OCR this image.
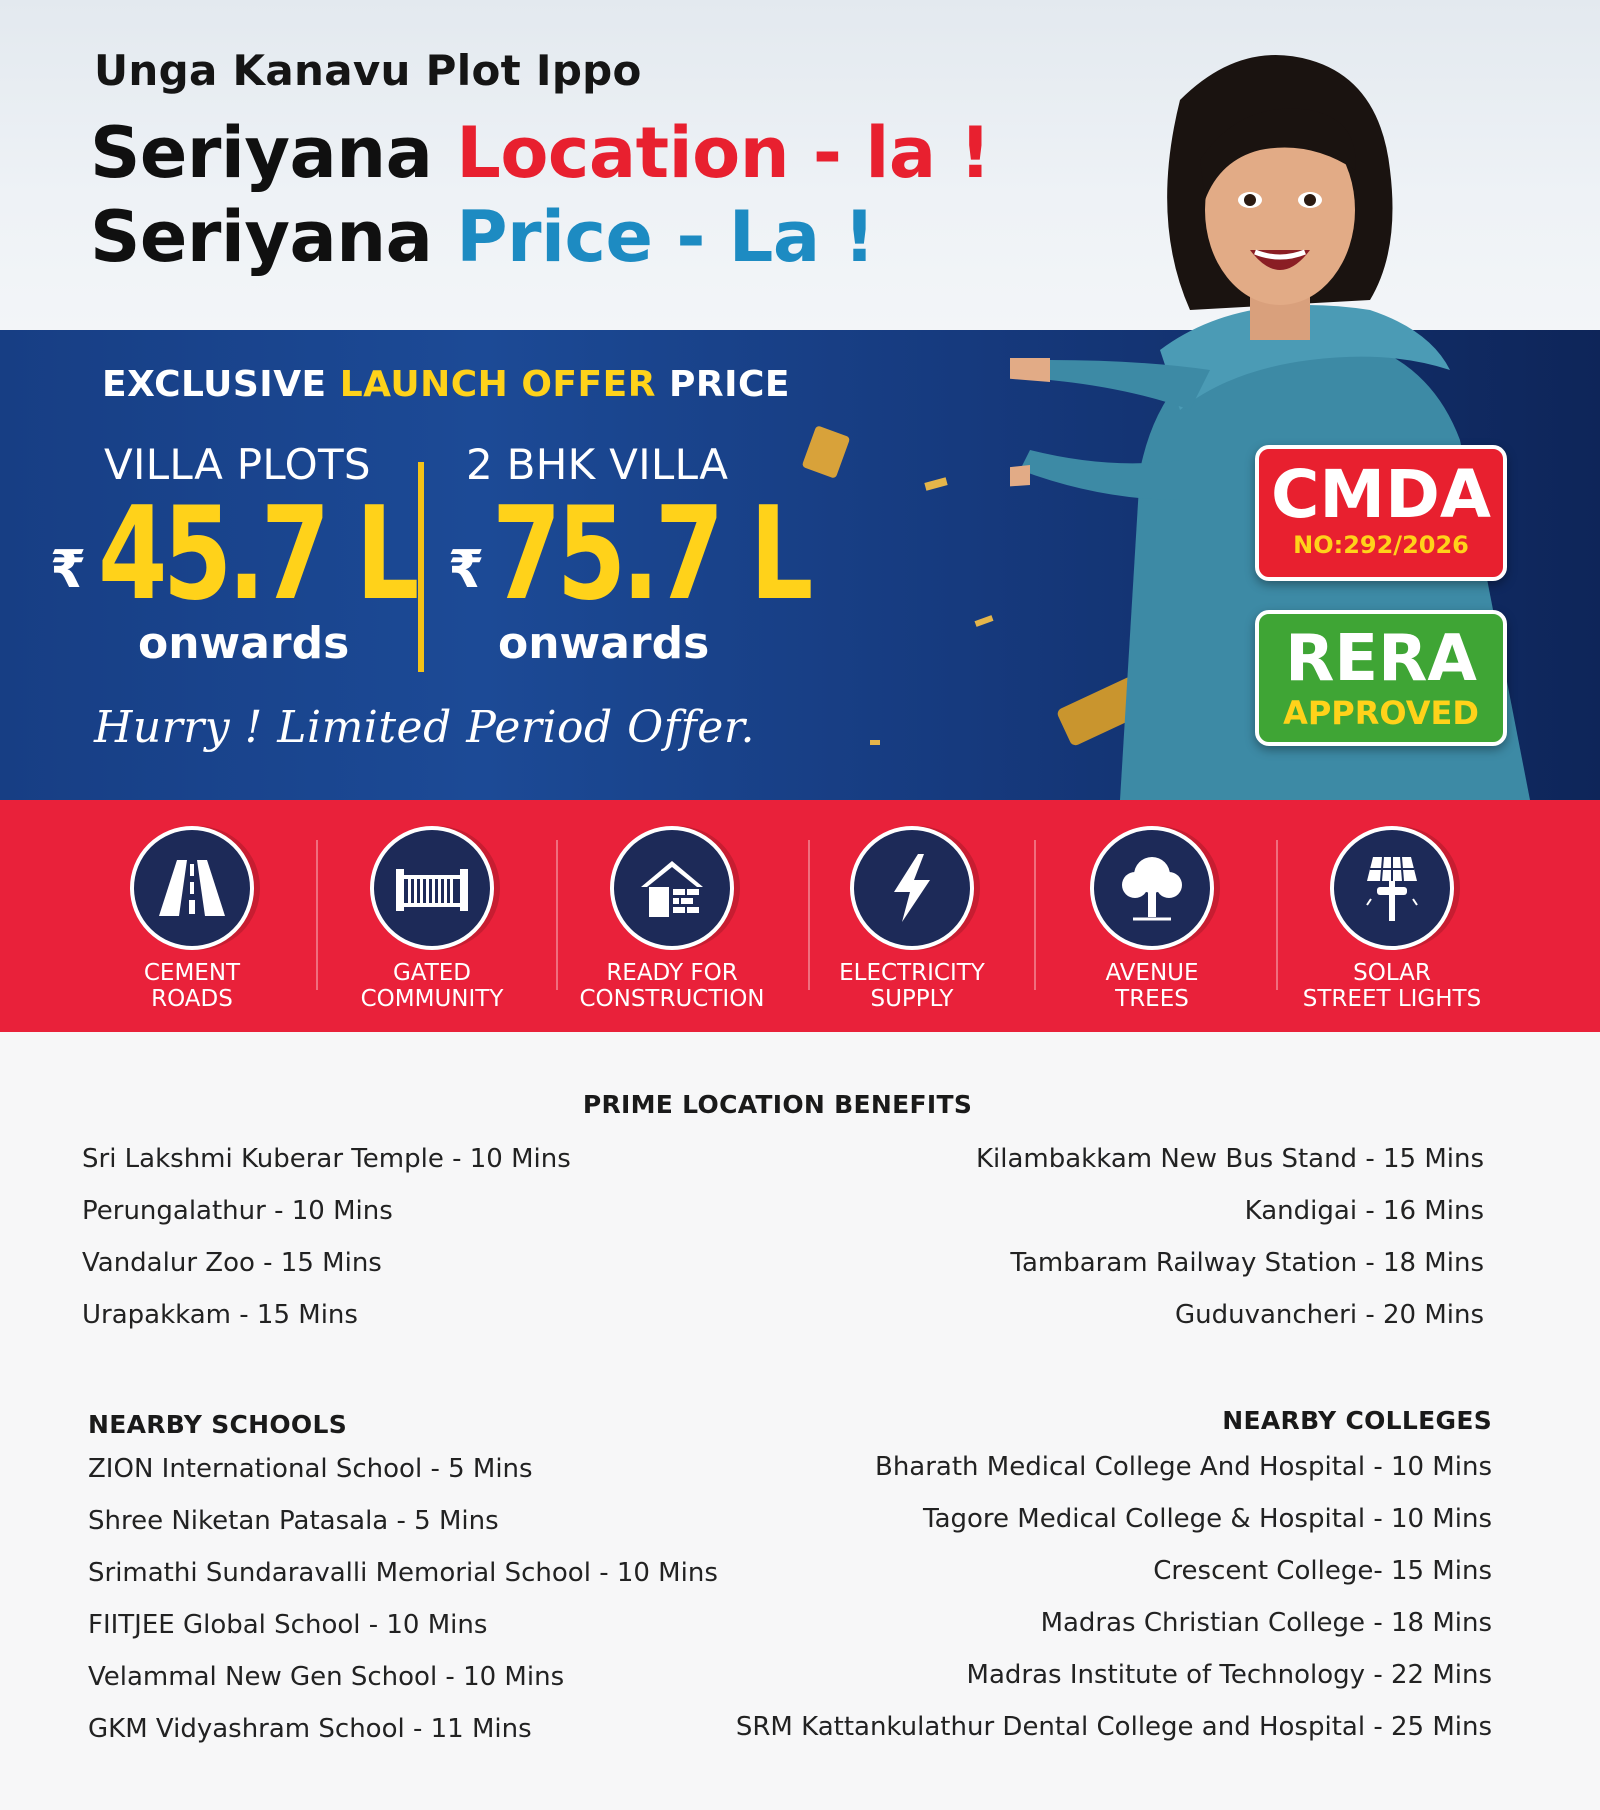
Unga Kanavu Plot Ippo
Seriyana Location - la !
Seriyana Price - La !
EXCLUSIVE LAUNCH OFFER PRICE
VILLA PLOTS 2 BHK VILLA
₹ 45.7 L ₹ 75.7 L
onwards	onwards
Hurry ! Limited Period Offer.
CMDA
NO:292/2026
RERA
APPROVED
CEMENT
ROADS
GATED
COMMUNITY
READY FOR
CONSTRUCTION
ELECTRICITY
SUPPLY
AVENUE
TREES
SOLAR
STREET LIGHTS
PRIME LOCATION BENEFITS
Sri Lakshmi Kuberar Temple - 10 Mins
Perungalathur - 10 Mins
Vandalur Zoo - 15 Mins
Urapakkam - 15 Mins
Kilambakkam New Bus Stand - 15 Mins
Kandigai - 16 Mins
Tambaram Railway Station - 18 Mins
Guduvancheri - 20 Mins
NEARBY SCHOOLS
ZION International School - 5 Mins
Shree Niketan Patasala - 5 Mins
Srimathi Sundaravalli Memorial School - 10 Mins
FIITJEE Global School - 10 Mins
Velammal New Gen School - 10 Mins
GKM Vidyashram School - 11 Mins
NEARBY COLLEGES
Bharath Medical College And Hospital - 10 Mins
Tagore Medical College & Hospital - 10 Mins
Crescent College- 15 Mins
Madras Christian College - 18 Mins
Madras Institute of Technology - 22 Mins
SRM Kattankulathur Dental College and Hospital - 25 Mins
